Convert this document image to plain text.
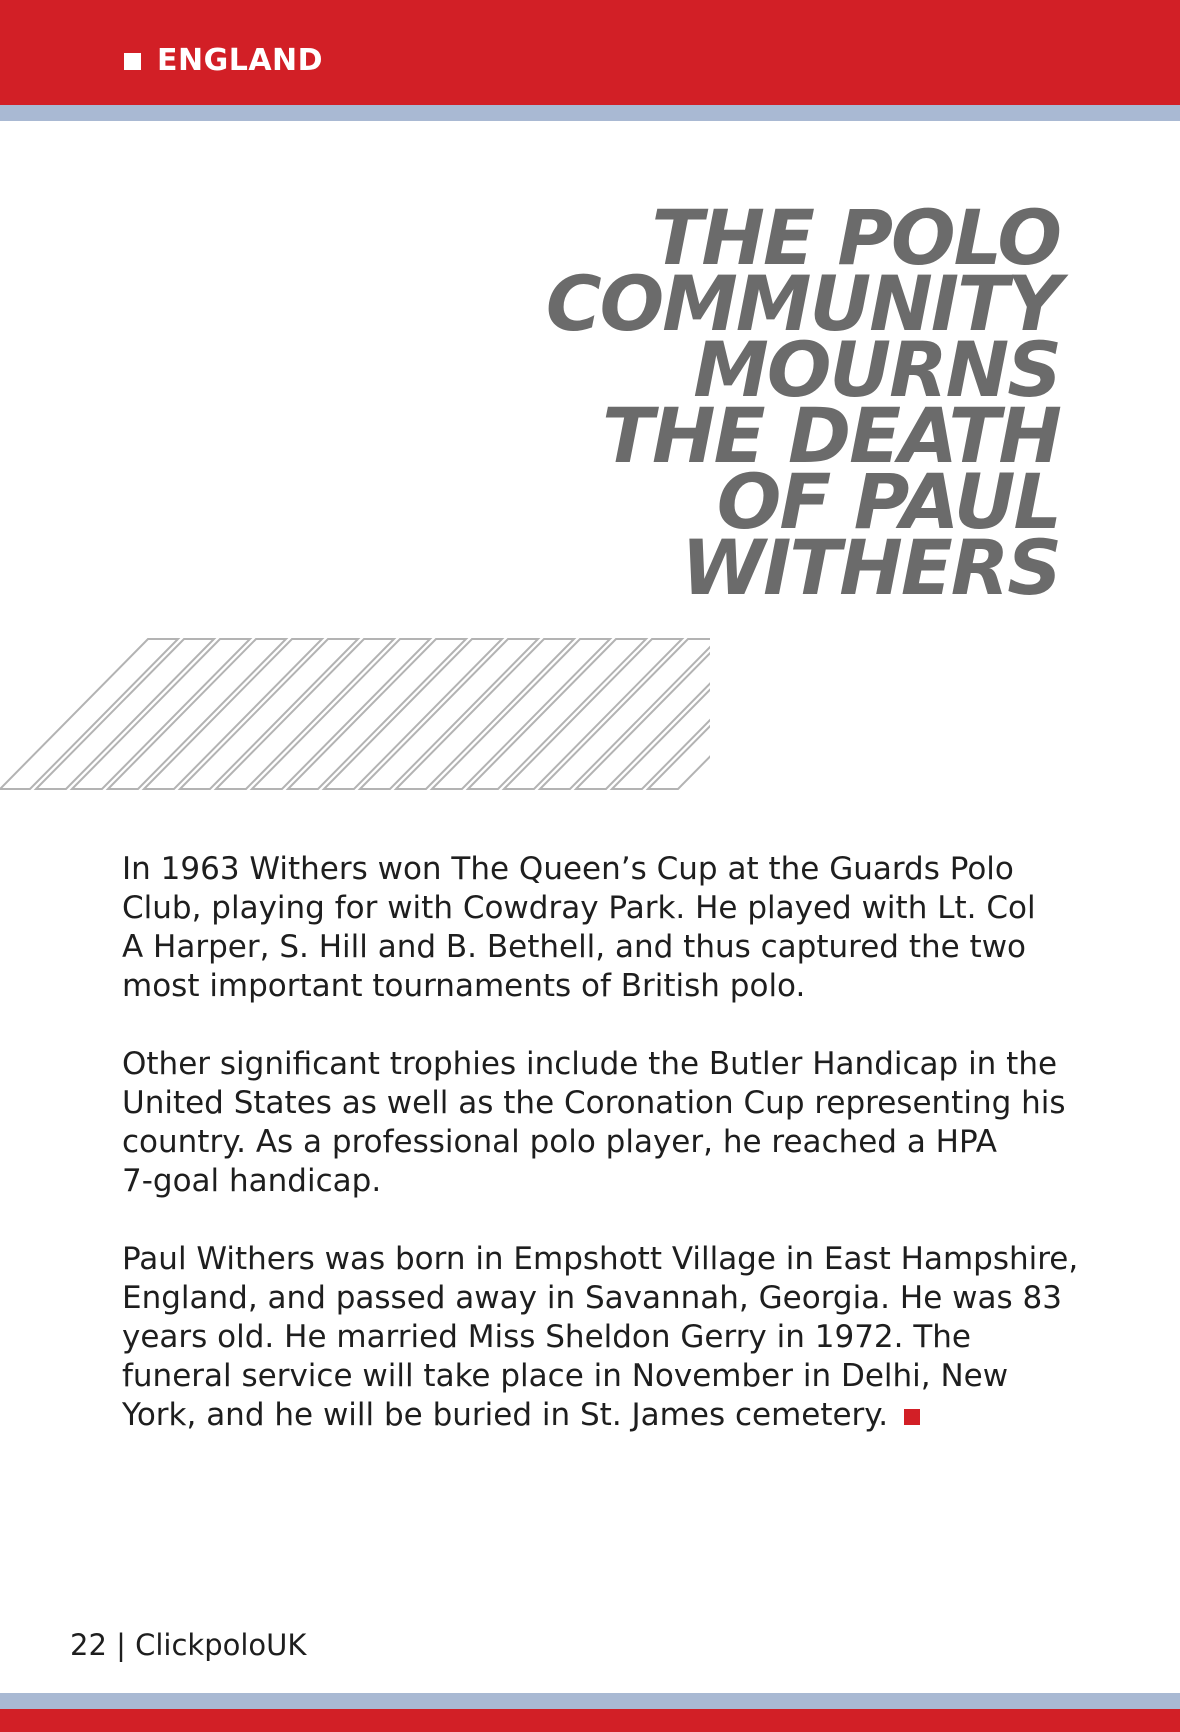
ENGLAND
THE POLO
COMMUNITY
MOURNS
THE DEATH
OF PAUL
WITHERS

In 1963 Withers won The Queen’s Cup at the Guards Polo
Club, playing for with Cowdray Park. He played with Lt. Col
A Harper, S. Hill and B. Bethell, and thus captured the two
most important tournaments of British polo.

Other significant trophies include the Butler Handicap in the
United States as well as the Coronation Cup representing his
country. As a professional polo player, he reached a HPA
7-goal handicap.

Paul Withers was born in Empshott Village in East Hampshire,
England, and passed away in Savannah, Georgia. He was 83
years old. He married Miss Sheldon Gerry in 1972. The
funeral service will take place in November in Delhi, New
York, and he will be buried in St. James cemetery.

22 | ClickpoloUK
